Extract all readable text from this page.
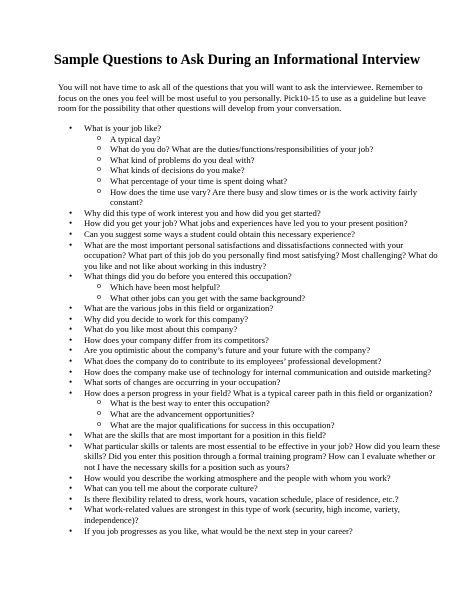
Sample Questions to Ask During an Informational Interview
You will not have time to ask all of the questions that you will want to ask the interviewee. Remember to focus on the ones you feel will be most useful to you personally. Pick10-15 to use as a guideline but leave room for the possibility that other questions will develop from your conversation.
• What is your job like?
o A typical day?
o What do you do? What are the duties/functions/responsibilities of your job?
o What kind of problems do you deal with?
o What kinds of decisions do you make?
o What percentage of your time is spent doing what?
o How does the time use vary? Are there busy and slow times or is the work activity fairly constant?
• Why did this type of work interest you and how did you get started?
• How did you get your job? What jobs and experiences have led you to your present position?
• Can you suggest some ways a student could obtain this necessary experience?
• What are the most important personal satisfactions and dissatisfactions connected with your occupation? What part of this job do you personally find most satisfying? Most challenging? What do you like and not like about working in this industry?
• What things did you do before you entered this occupation?
o Which have been most helpful?
o What other jobs can you get with the same background?
• What are the various jobs in this field or organization?
• Why did you decide to work for this company?
• What do you like most about this company?
• How does your company differ from its competitors?
• Are you optimistic about the company’s future and your future with the company?
• What does the company do to contribute to its employees’ professional development?
• How does the company make use of technology for internal communication and outside marketing?
• What sorts of changes are occurring in your occupation?
• How does a person progress in your field? What is a typical career path in this field or organization?
o What is the best way to enter this occupation?
o What are the advancement opportunities?
o What are the major qualifications for success in this occupation?
• What are the skills that are most important for a position in this field?
• What particular skills or talents are most essential to be effective in your job? How did you learn these skills? Did you enter this position through a formal training program? How can I evaluate whether or not I have the necessary skills for a position such as yours?
• How would you describe the working atmosphere and the people with whom you work?
• What can you tell me about the corporate culture?
• Is there flexibility related to dress, work hours, vacation schedule, place of residence, etc.?
• What work-related values are strongest in this type of work (security, high income, variety, independence)?
• If you job progresses as you like, what would be the next step in your career?
